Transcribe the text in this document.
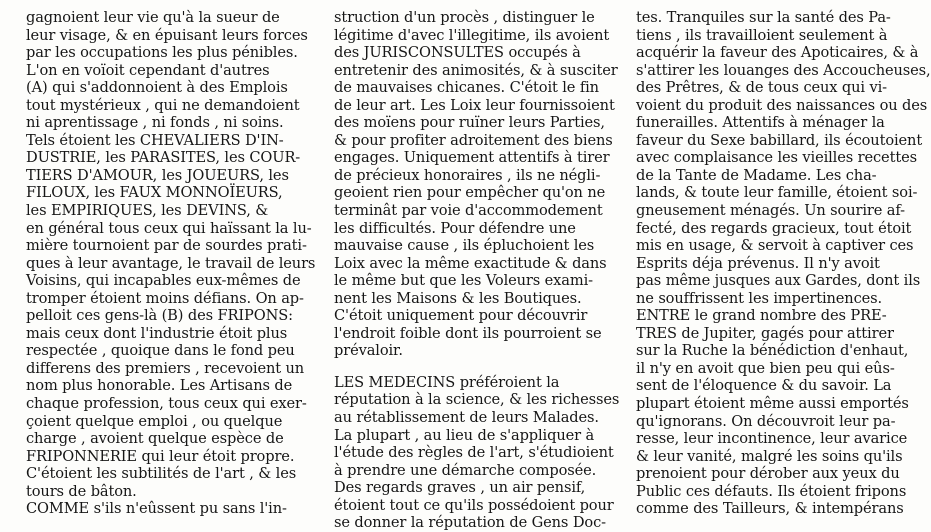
gagnoient leur vie qu'à la sueur de
leur visage, & en épuisant leurs forces
par les occupations les plus pénibles.
L'on en voïoit cependant d'autres
(A) qui s'addonnoient à des Emplois
tout mystérieux , qui ne demandoient
ni aprentissage , ni fonds , ni soins.
Tels étoient les CHEVALIERS D'IN-
DUSTRIE, les PARASITES, les COUR-
TIERS D'AMOUR, les JOUEURS, les
FILOUX, les FAUX MONNOÏEURS,
les EMPIRIQUES, les DEVINS, &
en général tous ceux qui haïssant la lu-
mière tournoient par de sourdes prati-
ques à leur avantage, le travail de leurs
Voisins, qui incapables eux-mêmes de
tromper étoient moins défians. On ap-
pelloit ces gens-là (B) des FRIPONS:
mais ceux dont l'industrie étoit plus
respectée , quoique dans le fond peu
differens des premiers , recevoient un
nom plus honorable. Les Artisans de
chaque profession, tous ceux qui exer-
çoient quelque emploi , ou quelque
charge , avoient quelque espèce de
FRIPONNERIE qui leur étoit propre.
C'étoient les subtilités de l'art , & les
tours de bâton.
COMME s'ils n'eûssent pu sans l'in-
struction d'un procès , distinguer le
légitime d'avec l'illegitime, ils avoient
des JURISCONSULTES occupés à
entretenir des animosités, & à susciter
de mauvaises chicanes. C'étoit le fin
de leur art. Les Loix leur fournissoient
des moïens pour ruïner leurs Parties,
& pour profiter adroitement des biens
engages. Uniquement attentifs à tirer
de précieux honoraires , ils ne négli-
geoient rien pour empêcher qu'on ne
terminât par voie d'accommodement
les difficultés. Pour défendre une
mauvaise cause , ils épluchoient les
Loix avec la même exactitude & dans
le même but que les Voleurs exami-
nent les Maisons & les Boutiques.
C'étoit uniquement pour découvrir
l'endroit foible dont ils pourroient se
prévaloir.
LES MEDECINS préféroient la
réputation à la science, & les richesses
au rétablissement de leurs Malades.
La plupart , au lieu de s'appliquer à
l'étude des règles de l'art, s'étudioient
à prendre une démarche composée.
Des regards graves , un air pensif,
étoient tout ce qu'ils possédoient pour
se donner la réputation de Gens Doc-
tes. Tranquiles sur la santé des Pa-
tiens , ils travailloient seulement à
acquérir la faveur des Apoticaires, & à
s'attirer les louanges des Accoucheuses,
des Prêtres, & de tous ceux qui vi-
voient du produit des naissances ou des
funerailles. Attentifs à ménager la
faveur du Sexe babillard, ils écoutoient
avec complaisance les vieilles recettes
de la Tante de Madame. Les cha-
lands, & toute leur famille, étoient soi-
gneusement ménagés. Un sourire af-
fecté, des regards gracieux, tout étoit
mis en usage, & servoit à captiver ces
Esprits déja prévenus. Il n'y avoit
pas même jusques aux Gardes, dont ils
ne souffrissent les impertinences.
ENTRE le grand nombre des PRE-
TRES de Jupiter, gagés pour attirer
sur la Ruche la bénédiction d'enhaut,
il n'y en avoit que bien peu qui eûs-
sent de l'éloquence & du savoir. La
plupart étoient même aussi emportés
qu'ignorans. On découvroit leur pa-
resse, leur incontinence, leur avarice
& leur vanité, malgré les soins qu'ils
prenoient pour dérober aux yeux du
Public ces défauts. Ils étoient fripons
comme des Tailleurs, & intempérans
